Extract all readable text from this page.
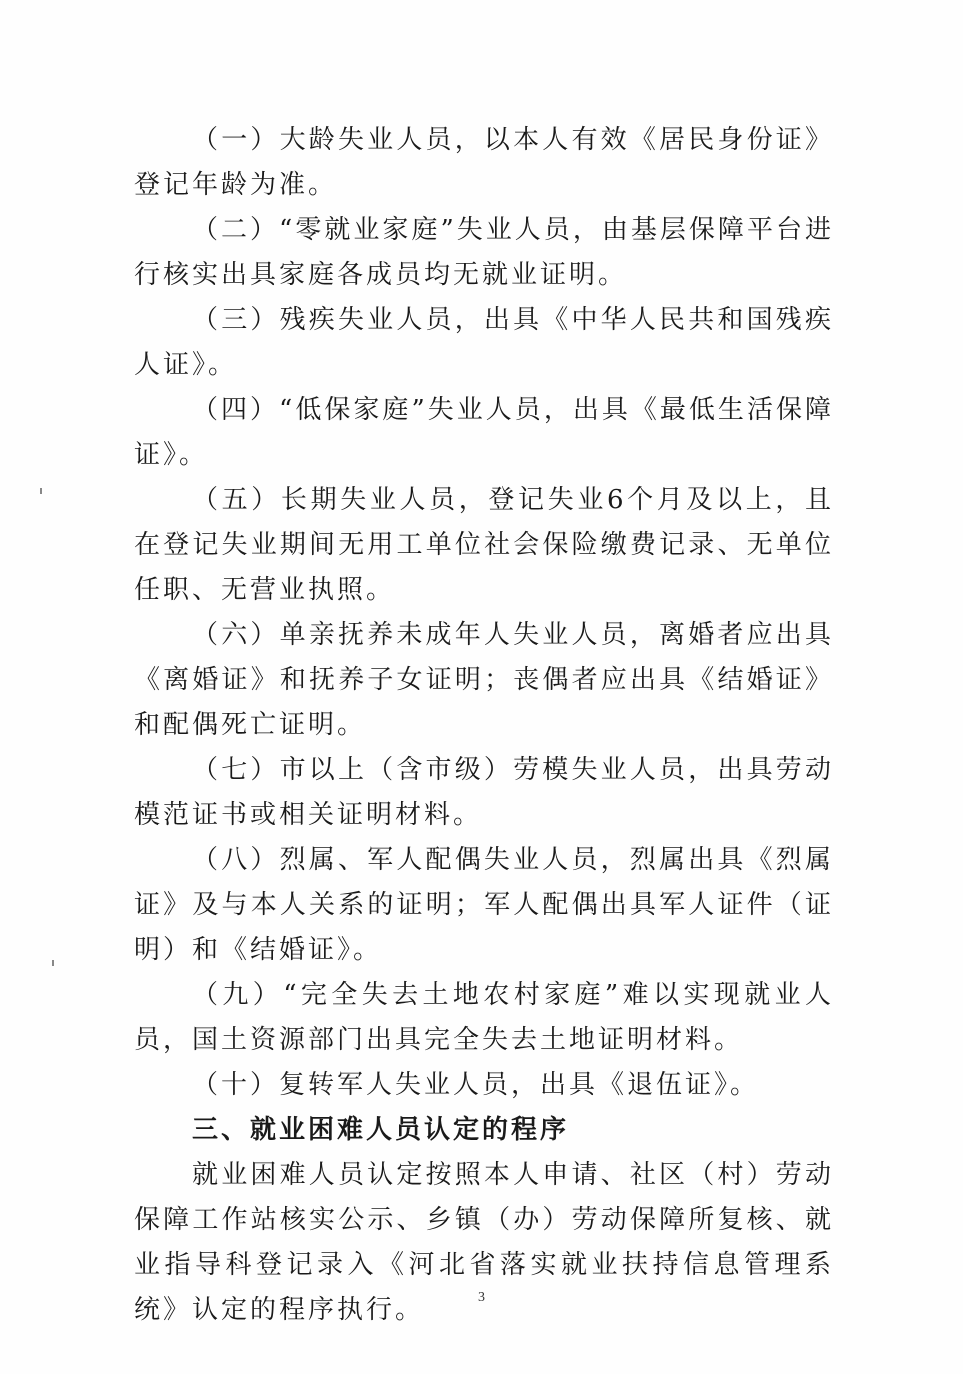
（一）大龄失业人员，以本人有效《居民身份证》登记年龄为准。

（二）“零就业家庭”失业人员，由基层保障平台进行核实出具家庭各成员均无就业证明。

（三）残疾失业人员，出具《中华人民共和国残疾人证》。

（四）“低保家庭”失业人员，出具《最低生活保障证》。

（五）长期失业人员，登记失业6个月及以上，且在登记失业期间无用工单位社会保险缴费记录、无单位任职、无营业执照。

（六）单亲抚养未成年人失业人员，离婚者应出具《离婚证》和抚养子女证明；丧偶者应出具《结婚证》和配偶死亡证明。

（七）市以上（含市级）劳模失业人员，出具劳动模范证书或相关证明材料。

（八）烈属、军人配偶失业人员，烈属出具《烈属证》及与本人关系的证明；军人配偶出具军人证件（证明）和《结婚证》。

（九）“完全失去土地农村家庭”难以实现就业人员，国土资源部门出具完全失去土地证明材料。

（十）复转军人失业人员，出具《退伍证》。

三、就业困难人员认定的程序

就业困难人员认定按照本人申请、社区（村）劳动保障工作站核实公示、乡镇（办）劳动保障所复核、就业指导科登记录入《河北省落实就业扶持信息管理系统》认定的程序执行。	3
